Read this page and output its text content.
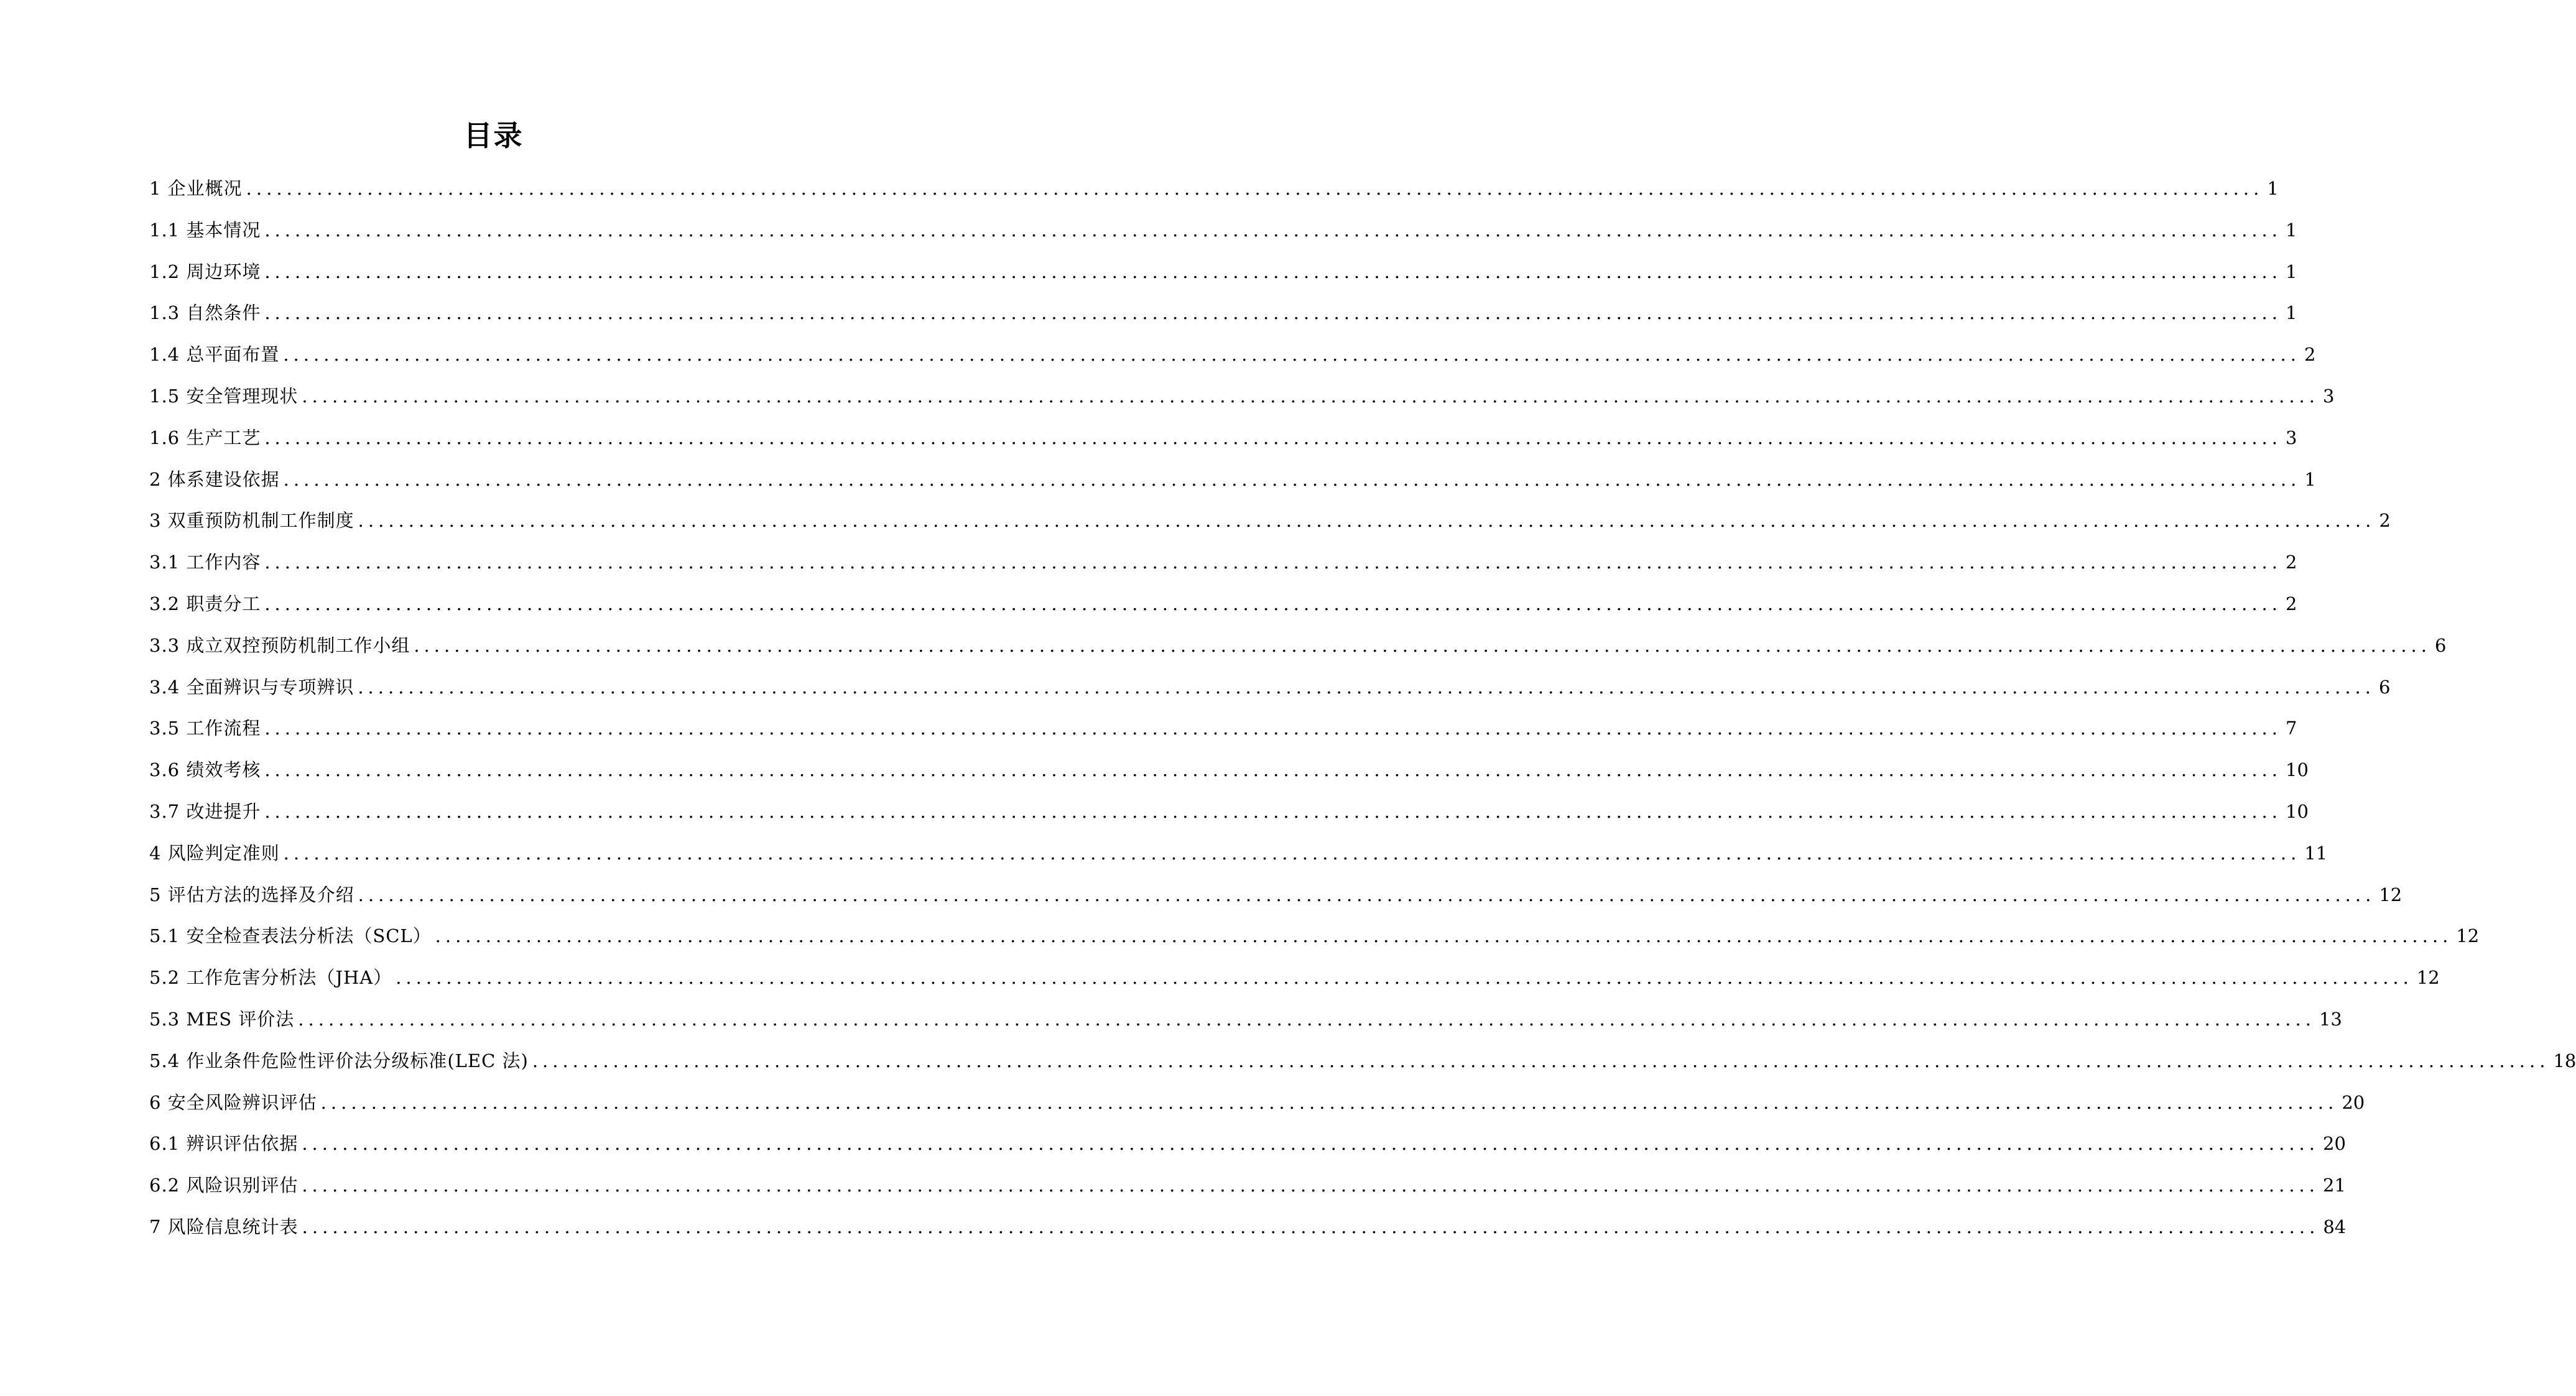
目录
1 企业概况 ........................................................................................................................................................................................................ 1
1.1 基本情况 ........................................................................................................................................................................................................ 1
1.2 周边环境 ........................................................................................................................................................................................................ 1
1.3 自然条件 ........................................................................................................................................................................................................ 1
1.4 总平面布置 ........................................................................................................................................................................................................ 2
1.5 安全管理现状 ........................................................................................................................................................................................................ 3
1.6 生产工艺 ........................................................................................................................................................................................................ 3
2 体系建设依据 ........................................................................................................................................................................................................ 1
3 双重预防机制工作制度 ........................................................................................................................................................................................................ 2
3.1 工作内容 ........................................................................................................................................................................................................ 2
3.2 职责分工 ........................................................................................................................................................................................................ 2
3.3 成立双控预防机制工作小组 ........................................................................................................................................................................................................ 6
3.4 全面辨识与专项辨识 ........................................................................................................................................................................................................ 6
3.5 工作流程 ........................................................................................................................................................................................................ 7
3.6 绩效考核 ........................................................................................................................................................................................................ 10
3.7 改进提升 ........................................................................................................................................................................................................ 10
4 风险判定准则 ........................................................................................................................................................................................................ 11
5 评估方法的选择及介绍 ........................................................................................................................................................................................................ 12
5.1 安全检查表法分析法（SCL） ........................................................................................................................................................................................................ 12
5.2 工作危害分析法（JHA） ........................................................................................................................................................................................................ 12
5.3 MES 评价法 ........................................................................................................................................................................................................ 13
5.4 作业条件危险性评价法分级标准(LEC 法) ........................................................................................................................................................................................................ 18
6 安全风险辨识评估 ........................................................................................................................................................................................................ 20
6.1 辨识评估依据 ........................................................................................................................................................................................................ 20
6.2 风险识别评估 ........................................................................................................................................................................................................ 21
7 风险信息统计表 ........................................................................................................................................................................................................ 84
